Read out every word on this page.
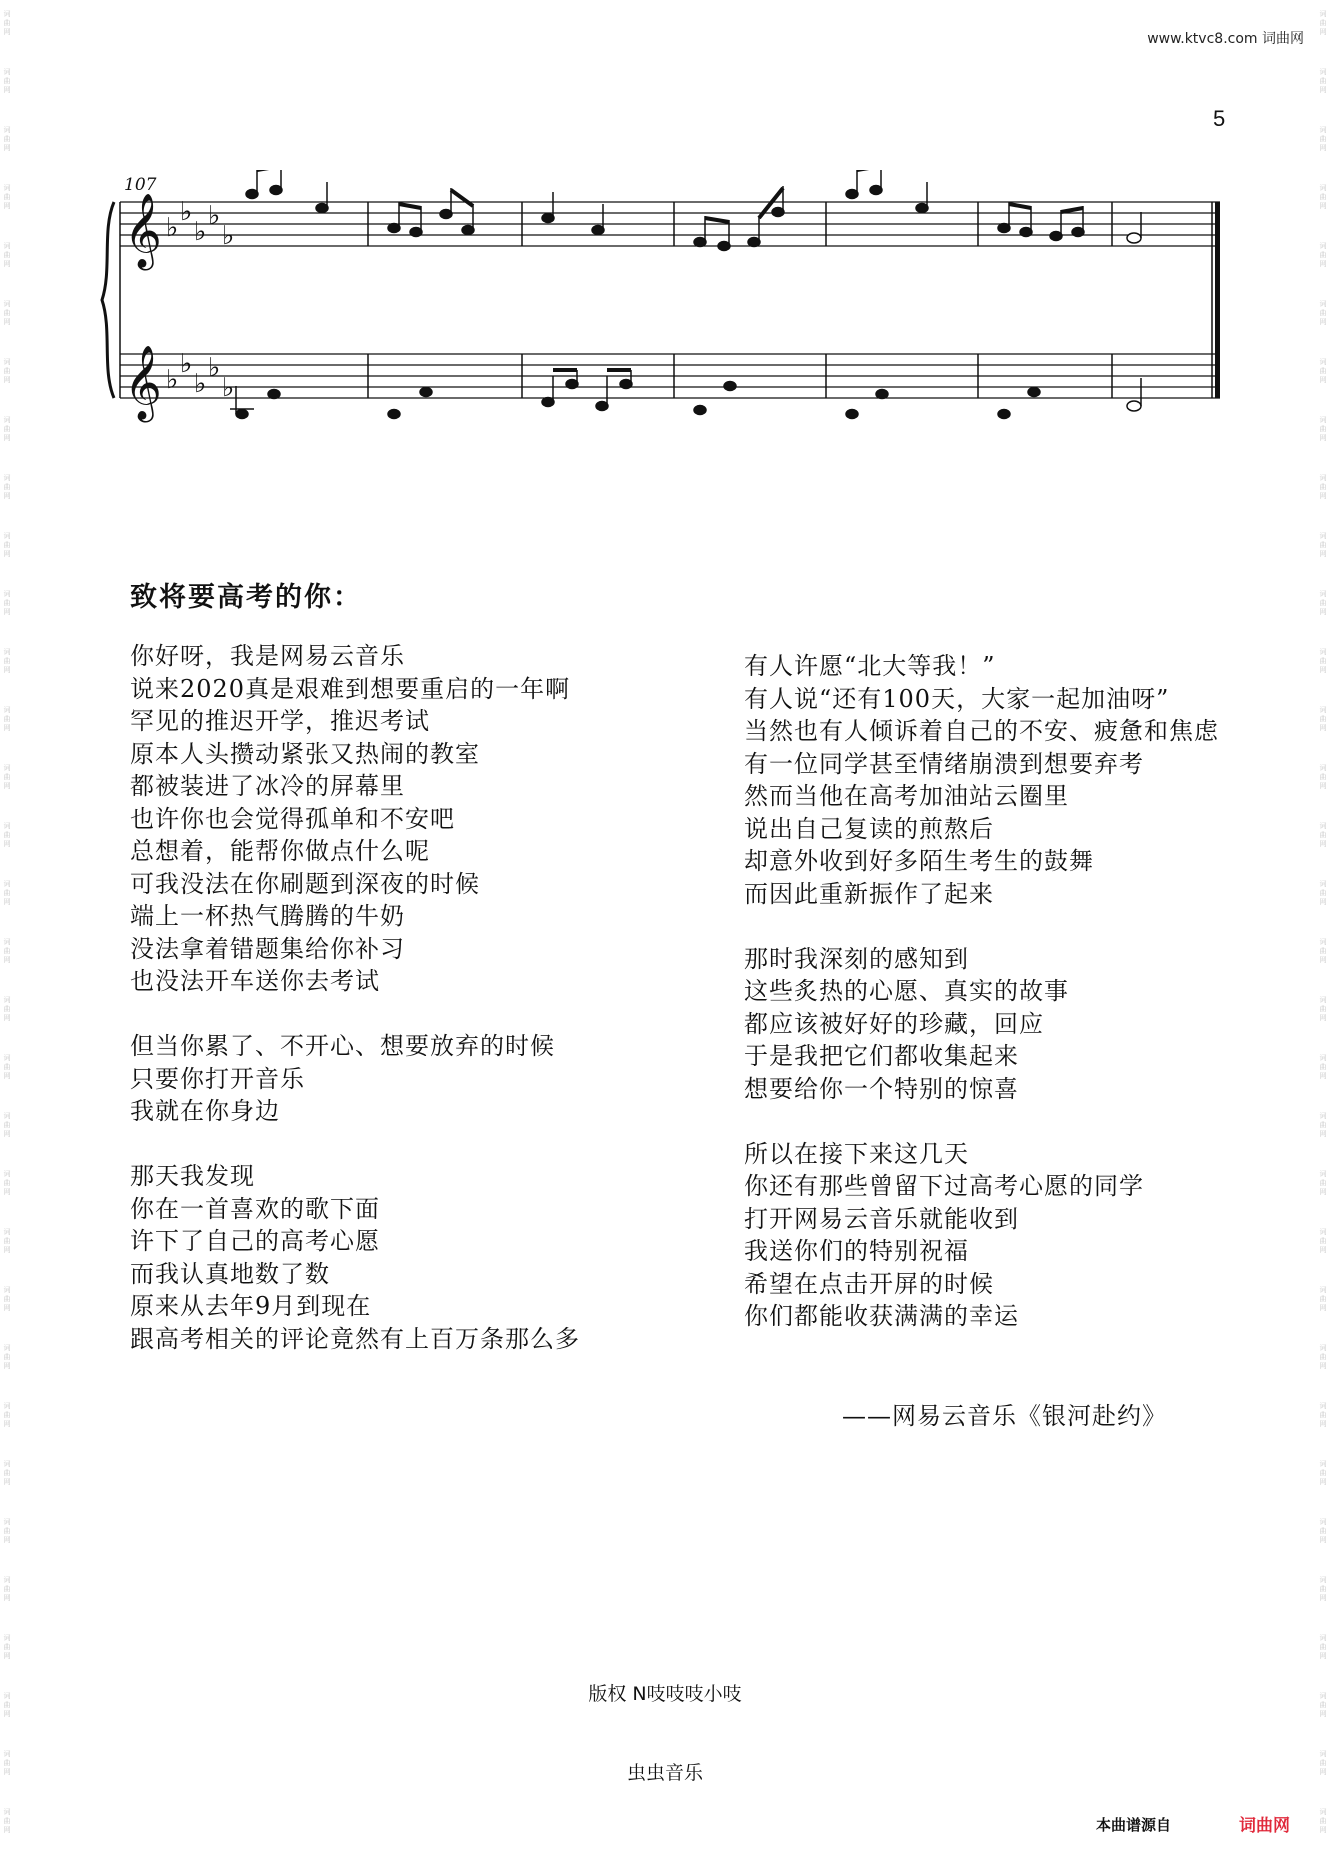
词
曲
网
词
曲
网
词
曲
网
词
曲
网
词
曲
网
词
曲
网
词
曲
网
词
曲
网
词
曲
网
词
曲
网
词
曲
网
词
曲
网
词
曲
网
词
曲
网
词
曲
网
词
曲
网
词
曲
网
词
曲
网
词
曲
网
词
曲
网
词
曲
网
词
曲
网
词
曲
网
词
曲
网
词
曲
网
词
曲
网
词
曲
网
词
曲
网
词
曲
网
词
曲
网
词
曲
网
词
曲
网
词
曲
网
词
曲
网
词
曲
网
词
曲
网
词
曲
网
词
曲
网
词
曲
网
词
曲
网
词
曲
网
词
曲
网
词
曲
网
词
曲
网
词
曲
网
词
曲
网
词
曲
网
词
曲
网
词
曲
网
词
曲
网
词
曲
网
词
曲
网
词
曲
网
词
曲
网
词
曲
网
词
曲
网
词
曲
网
词
曲
网
词
曲
网
词
曲
网
词
曲
网
词
曲
网
词
曲
网
词
曲
网
www.ktvc8.com 词曲网
5
107
𝄞
𝄞
♭
♭
♭
♭
♭
♭
♭
♭
♭
♭
致将要高考的你：
你好呀，我是网易云音乐
说来2020真是艰难到想要重启的一年啊
罕见的推迟开学，推迟考试
原本人头攒动紧张又热闹的教室
都被装进了冰冷的屏幕里
也许你也会觉得孤单和不安吧
总想着，能帮你做点什么呢
可我没法在你刷题到深夜的时候
端上一杯热气腾腾的牛奶
没法拿着错题集给你补习
也没法开车送你去考试
但当你累了、不开心、想要放弃的时候
只要你打开音乐
我就在你身边
那天我发现
你在一首喜欢的歌下面
许下了自己的高考心愿
而我认真地数了数
原来从去年9月到现在
跟高考相关的评论竟然有上百万条那么多
有人许愿“北大等我！”
有人说“还有100天，大家一起加油呀”
当然也有人倾诉着自己的不安、疲惫和焦虑
有一位同学甚至情绪崩溃到想要弃考
然而当他在高考加油站云圈里
说出自己复读的煎熬后
却意外收到好多陌生考生的鼓舞
而因此重新振作了起来
那时我深刻的感知到
这些炙热的心愿、真实的故事
都应该被好好的珍藏，回应
于是我把它们都收集起来
想要给你一个特别的惊喜
所以在接下来这几天
你还有那些曾留下过高考心愿的同学
打开网易云音乐就能收到
我送你们的特别祝福
希望在点击开屏的时候
你们都能收获满满的幸运
——网易云音乐《银河赴约》
版权 N吱吱吱小吱
虫虫音乐
本曲谱源自	词曲网
